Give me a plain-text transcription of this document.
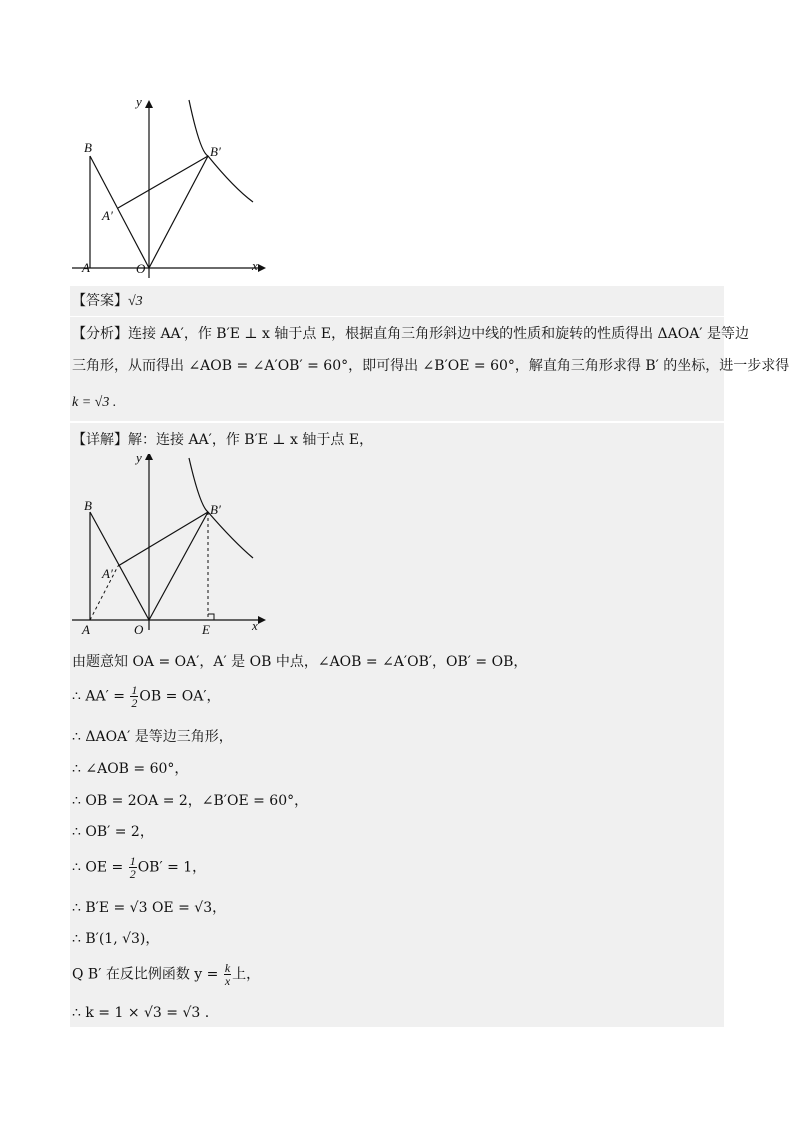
y
x
B	B′
A′
A	O
【答案】√3
【分析】连接 AA′，作 B′E ⊥ x 轴于点 E，根据直角三角形斜边中线的性质和旋转的性质得出 ΔAOA′ 是等边
三角形，从而得出 ∠AOB = ∠A′OB′ = 60°，即可得出 ∠B′OE = 60°，解直角三角形求得 B′ 的坐标，进一步求得
k = √3 .
【详解】解：连接 AA′，作 B′E ⊥ x 轴于点 E，
y
x
B	B′
A′
A	O	E
由题意知 OA = OA′，A′ 是 OB 中点，∠AOB = ∠A′OB′，OB′ = OB，
∴ $AA' = \frac{1}{2}$ OB = OA′，
∴ ΔAOA′ 是等边三角形，
∴ ∠AOB = 60°，
∴ OB = 2OA = 2，∠B′OE = 60°，
∴ OB′ = 2，
∴ OE = $\frac{1}{2} OB' = 1$，
∴ B′E = √3 OE = √3，
∴ B′(1, √3)，
Q B′ 在反比例函数 $y = \frac{k}{x}$ 上，
∴ k = 1 × √3 = √3 .
